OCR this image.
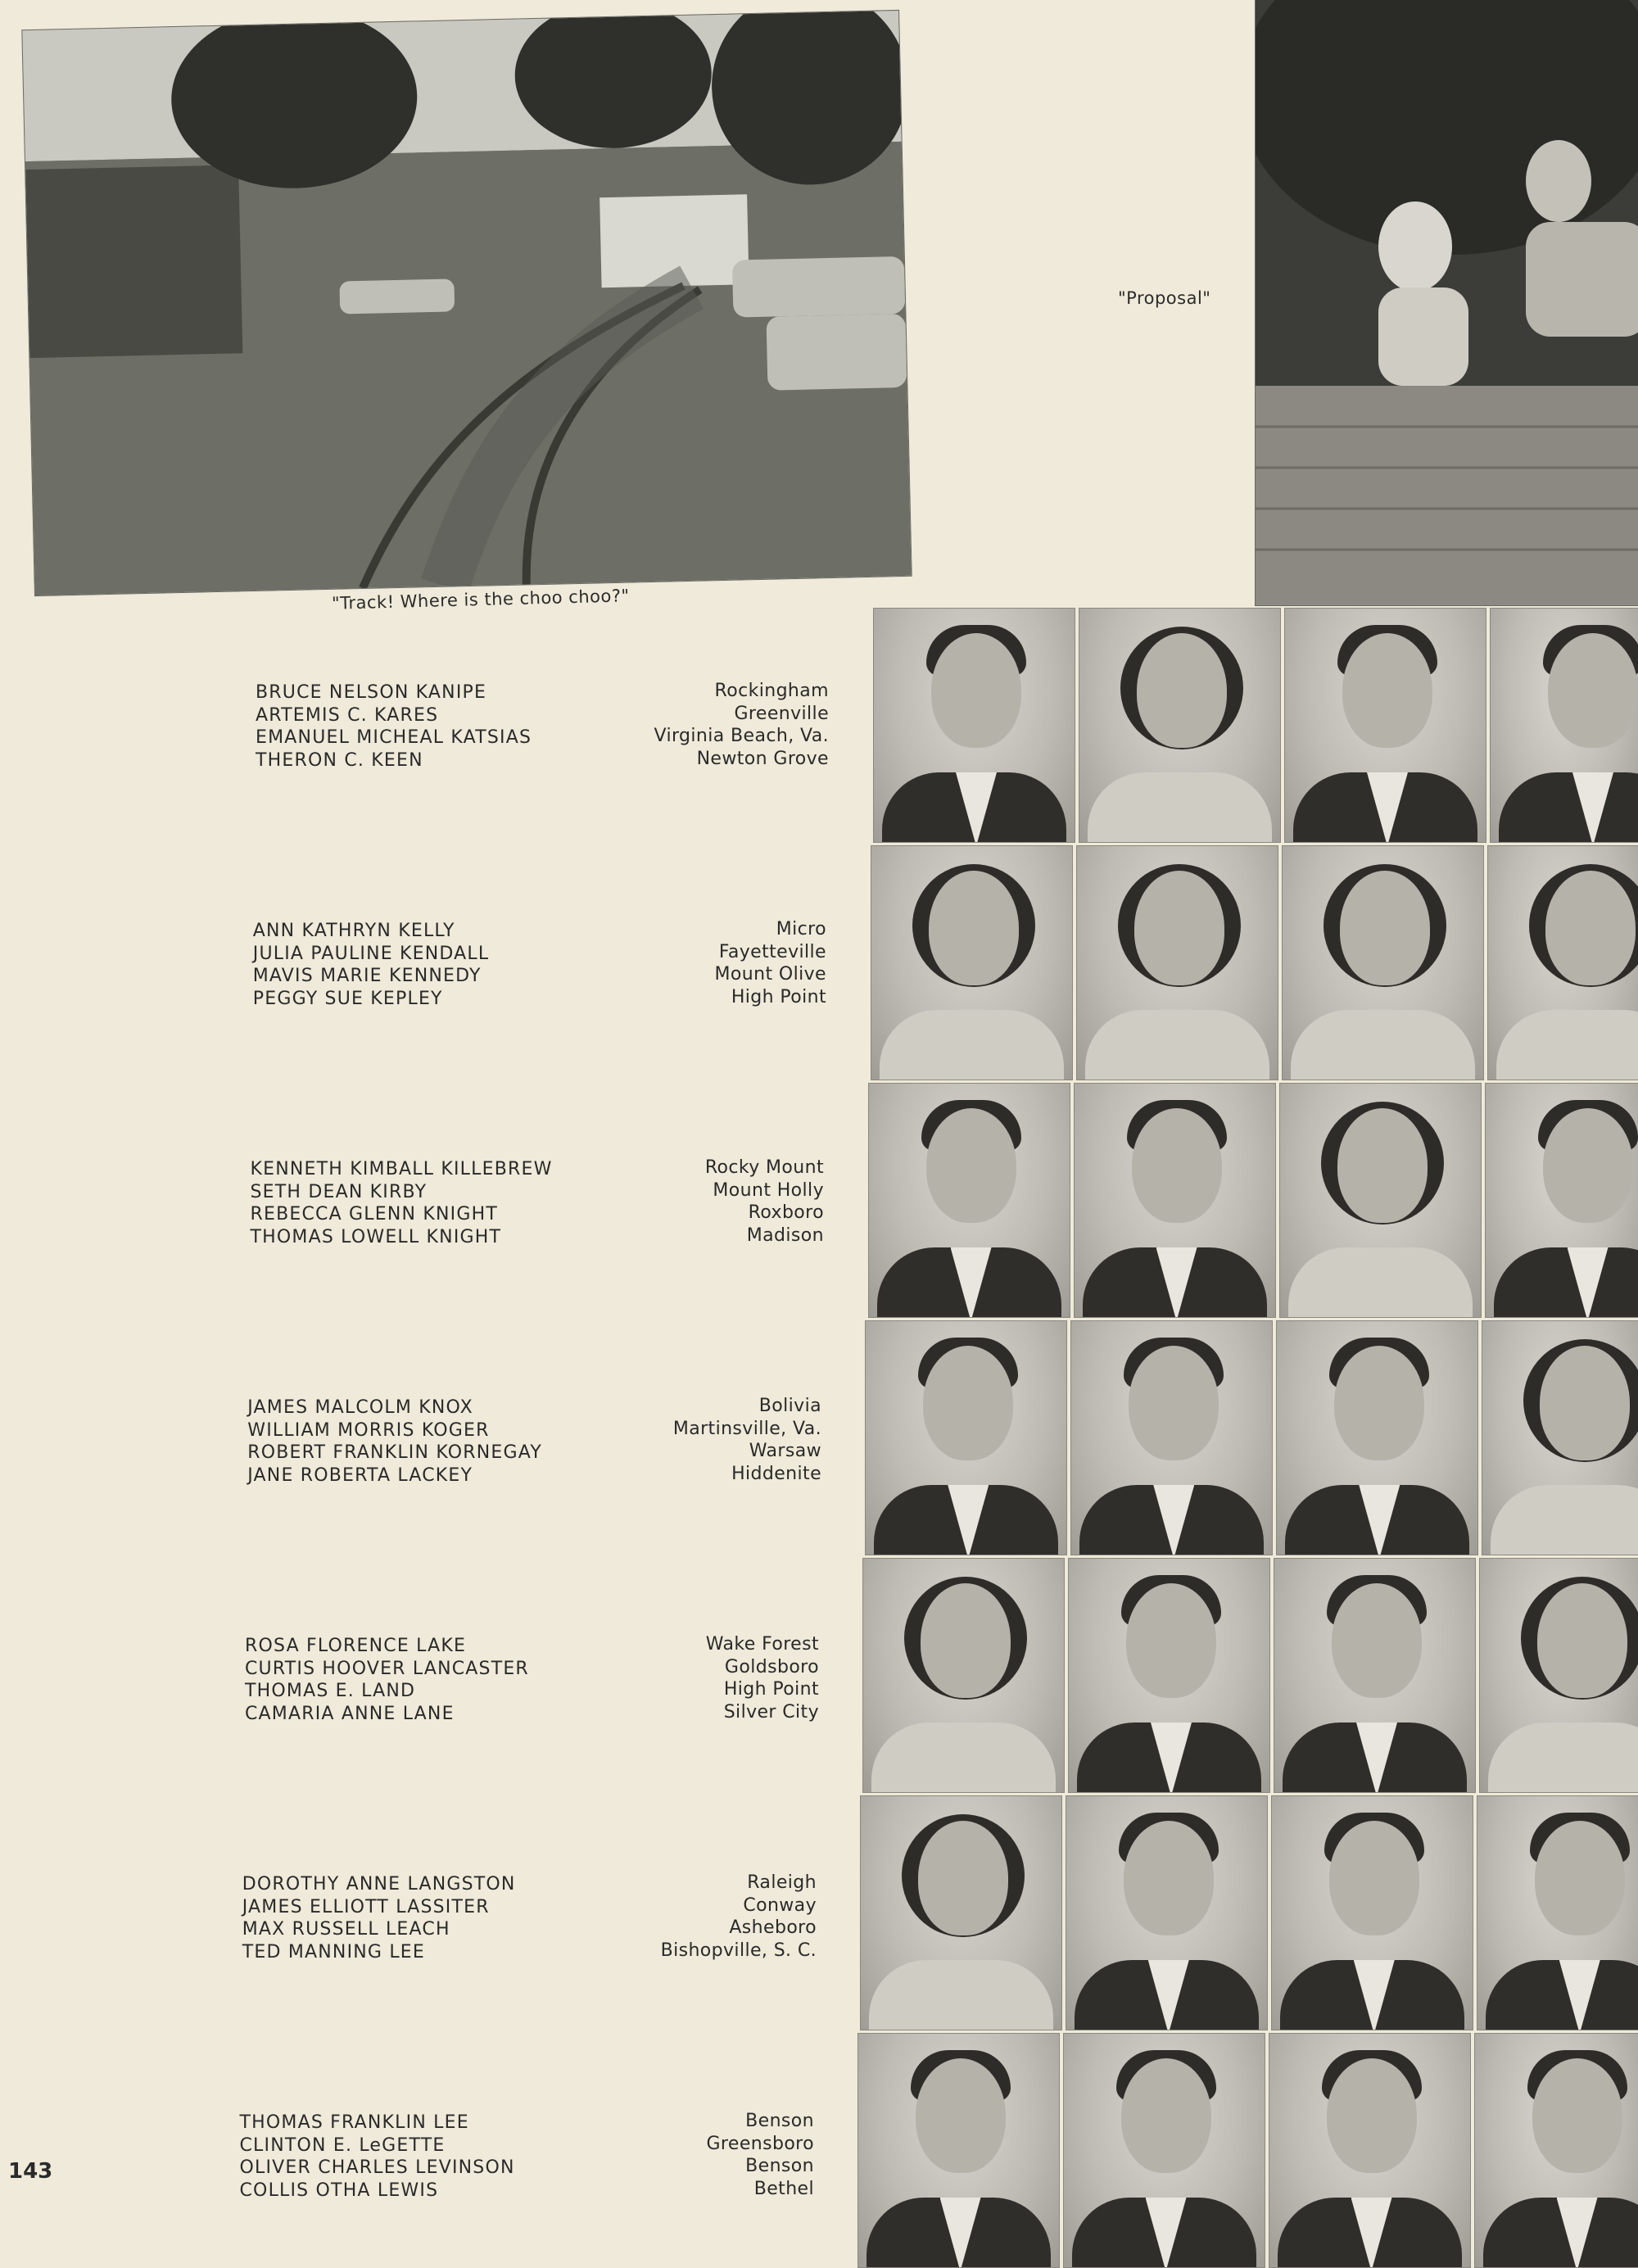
"Track! Where is the choo choo?"
"Proposal"
BRUCE NELSON KANIPE
ARTEMIS C. KARES
EMANUEL MICHEAL KATSIAS
THERON C. KEEN
Rockingham
Greenville
Virginia Beach, Va.
Newton Grove
ANN KATHRYN KELLY
JULIA PAULINE KENDALL
MAVIS MARIE KENNEDY
PEGGY SUE KEPLEY
Micro
Fayetteville
Mount Olive
High Point
KENNETH KIMBALL KILLEBREW
SETH DEAN KIRBY
REBECCA GLENN KNIGHT
THOMAS LOWELL KNIGHT
Rocky Mount
Mount Holly
Roxboro
Madison
JAMES MALCOLM KNOX
WILLIAM MORRIS KOGER
ROBERT FRANKLIN KORNEGAY
JANE ROBERTA LACKEY
Bolivia
Martinsville, Va.
Warsaw
Hiddenite
ROSA FLORENCE LAKE
CURTIS HOOVER LANCASTER
THOMAS E. LAND
CAMARIA ANNE LANE
Wake Forest
Goldsboro
High Point
Silver City
DOROTHY ANNE LANGSTON
JAMES ELLIOTT LASSITER
MAX RUSSELL LEACH
TED MANNING LEE
Raleigh
Conway
Asheboro
Bishopville, S. C.
THOMAS FRANKLIN LEE
CLINTON E. LeGETTE
OLIVER CHARLES LEVINSON
COLLIS OTHA LEWIS
Benson
Greensboro
Benson
Bethel
143
